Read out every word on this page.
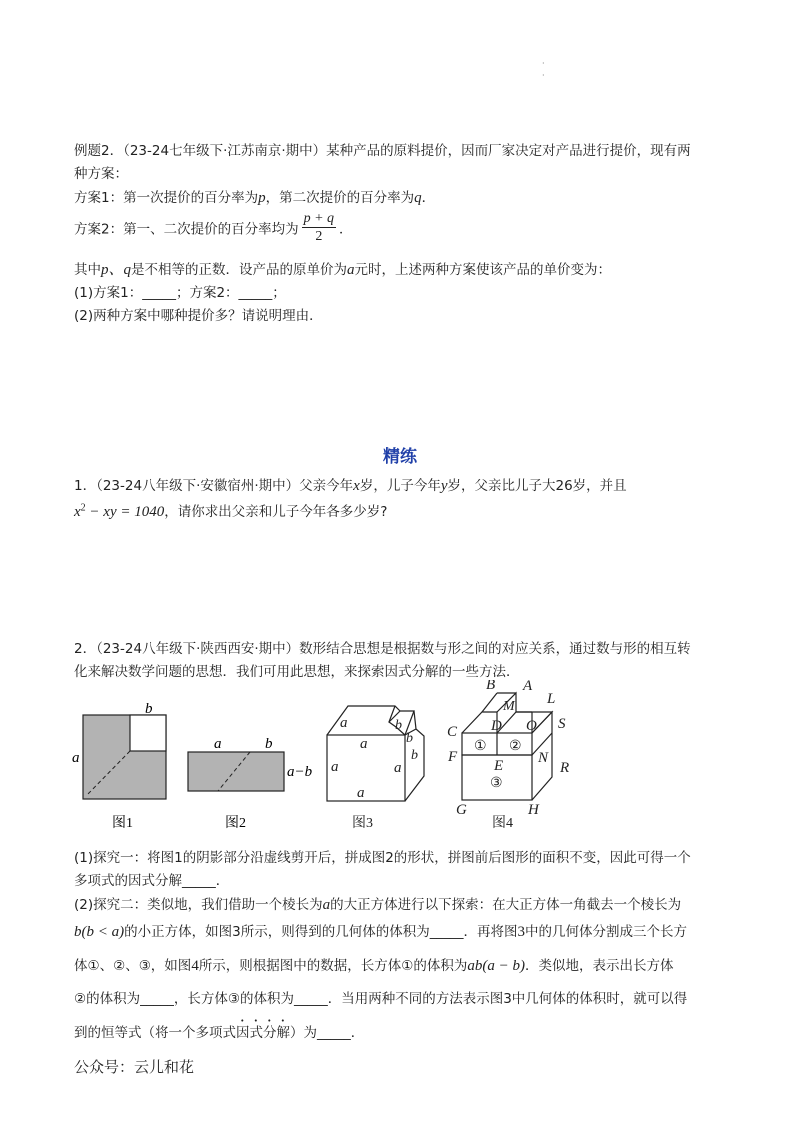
·
·
例题2．（23-24七年级下·江苏南京·期中）某种产品的原料提价，因而厂家决定对产品进行提价，现有两
种方案：
方案1：第一次提价的百分率为p，第二次提价的百分率为q．
方案2：第一、二次提价的百分率均为 $\frac{p + q}{2}$ ．
其中p、q是不相等的正数．设产品的原单价为a元时，上述两种方案使该产品的单价变为：
(1)方案1：_____；方案2：_____；
(2)两种方案中哪种提价多？请说明理由．
精练
1．（23-24八年级下·安徽宿州·期中）父亲今年x岁，儿子今年y岁，父亲比儿子大26岁，并且
$x^2$ − xy = 1040，请你求出父亲和儿子今年各多少岁?
2．（23-24八年级下·陕西西安·期中）数形结合思想是根据数与形之间的对应关系，通过数与形的相互转
化来解决数学问题的思想．我们可用此思想，来探索因式分解的一些方法．
b
a
图1
a	b
a−b
图2
a	b
b
b
a
a	a
a
图3
B A
L
M
C D O S
① ②
F
E N
③
R
G	H
图4
(1)探究一：将图1的阴影部分沿虚线剪开后，拼成图2的形状，拼图前后图形的面积不变，因此可得一个
多项式的因式分解_____．
(2)探究二：类似地，我们借助一个棱长为a的大正方体进行以下探索：在大正方体一角截去一个棱长为
b(b < a)的小正方体，如图3所示，则得到的几何体的体积为_____．再将图3中的几何体分割成三个长方
体①、②、③，如图4所示，则根据图中的数据，长方体①的体积为ab(a − b)．类似地，表示出长方体
②的体积为_____，长方体③的体积为_____．当用两种不同的方法表示图3中几何体的体积时，就可以得
到的恒等式（将一个多项式因式分解）为_____．
公众号：云儿和花
